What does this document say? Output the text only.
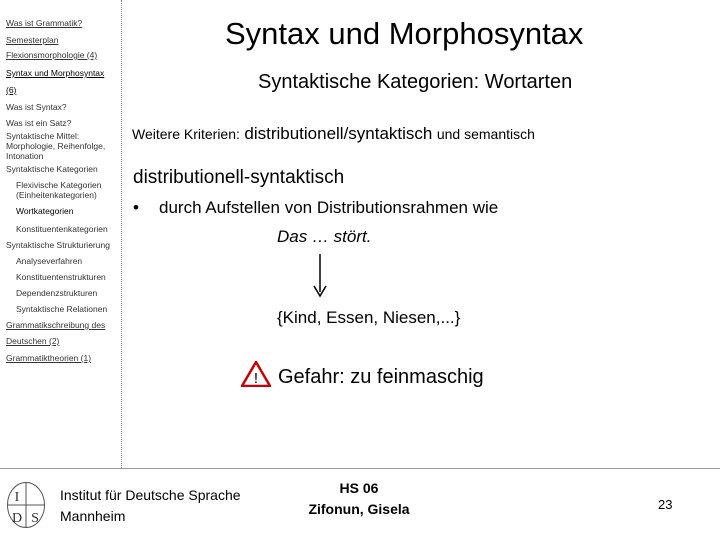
Was ist Grammatik?
Semesterplan
Flexionsmorphologie (4)
Syntax und Morphosyntax
(6)
Was ist Syntax?
Was ist ein Satz?
Syntaktische Mittel: Morphologie, Reihenfolge, Intonation
Syntaktische Kategorien
Flexivische Kategorien (Einheitenkategorien)
Wortkategorien
Konstituentenkategorien
Syntaktische Strukturierung
Analyseverfahren
Konstituentenstrukturen
Dependenzstrukturen
Syntaktische Relationen
Grammatikschreibung des
Deutschen (2)
Grammatiktheorien (1)
Syntax und Morphosyntax
Syntaktische Kategorien: Wortarten
Weitere Kriterien: distributionell/syntaktisch und semantisch
distributionell-syntaktisch
• durch Aufstellen von Distributionsrahmen wie
Das … stört.
{Kind, Essen, Niesen,...}
! Gefahr: zu feinmaschig
I
D S
Institut für Deutsche Sprache
Mannheim
HS 06
Zifonun, Gisela	23
